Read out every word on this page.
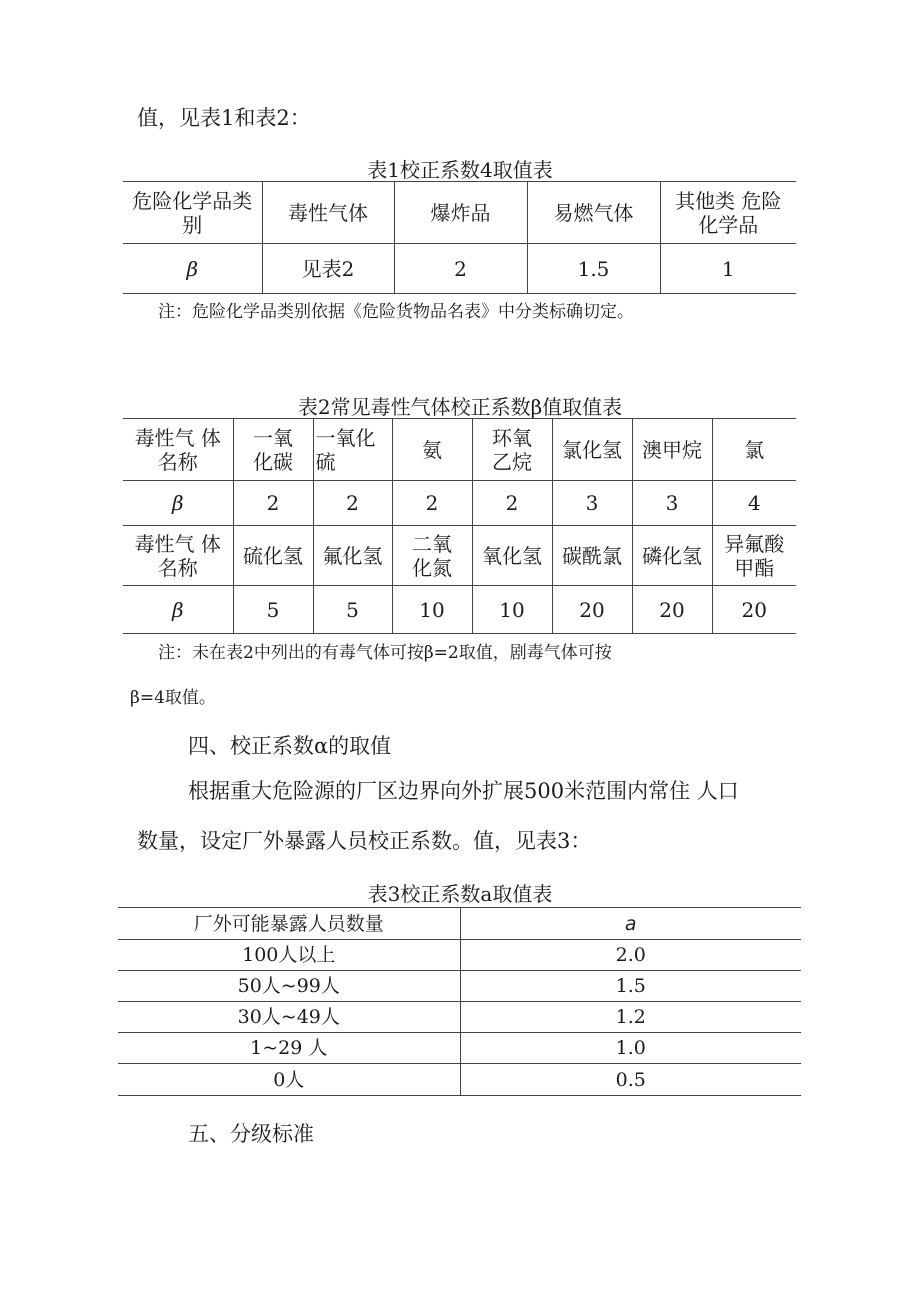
值，见表1和表2：
表1校正系数4取值表
危险化学品类别	毒性气体	爆炸品	易燃气体	其他类 危险化学品
β	见表2	2	1.5	1
注：危险化学品类别依据《危险货物品名表》中分类标确切定。
表2常见毒性气体校正系数β值取值表
毒性气 体名称	一氧化碳	一氧化硫	氨	环氧乙烷	氯化氢	澳甲烷	氯
β	2	2	2	2	3	3	4
毒性气 体名称	硫化氢	氟化氢	二氧化氮	氧化氢	碳酰氯	磷化氢	异氟酸甲酯
β	5	5	10	10	20	20	20
注：未在表2中列出的有毒气体可按β=2取值，剧毒气体可按
β=4取值。
四、校正系数α的取值
根据重大危险源的厂区边界向外扩展500米范围内常住 人口
数量，设定厂外暴露人员校正系数。值，见表3：
表3校正系数a取值表
厂外可能暴露人员数量	a
100人以上	2.0
50人~99人	1.5
30人~49人	1.2
1~29 人	1.0
0人	0.5
五、分级标准
